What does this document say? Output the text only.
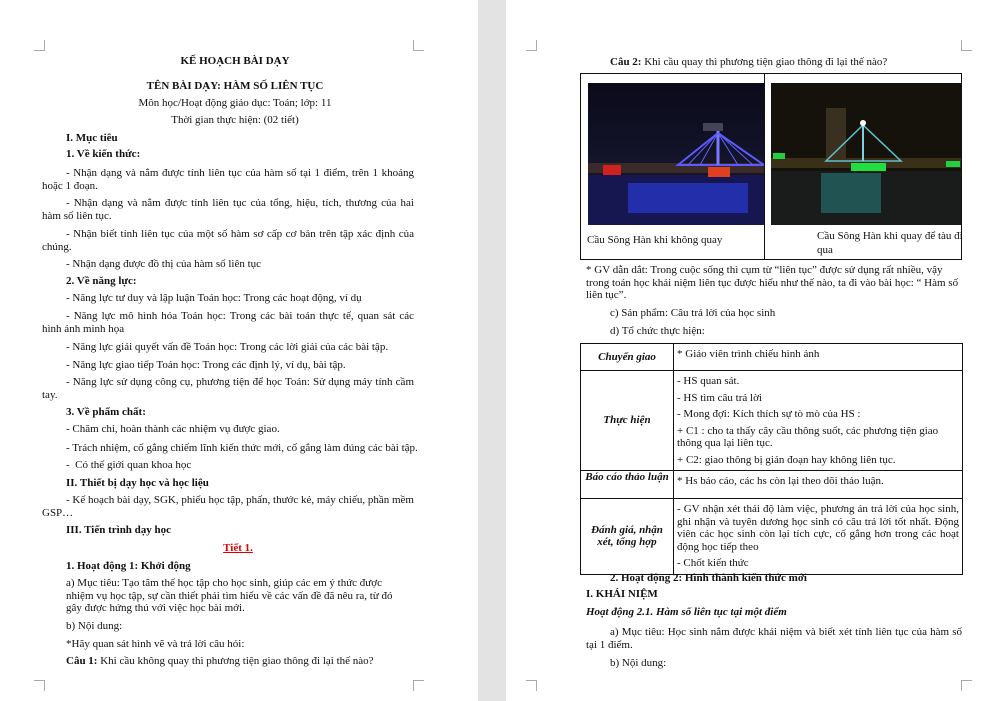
KẾ HOẠCH BÀI DẠY
TÊN BÀI DẠY: HÀM SỐ LIÊN TỤC
Môn học/Hoạt động giáo dục: Toán; lớp: 11
Thời gian thực hiện: (02 tiết)
I. Mục tiêu
1. Về kiến thức:
- Nhận dạng và nắm được tính liên tục của hàm số tại 1 điểm, trên 1 khoảng hoặc 1 đoạn.
- Nhận dạng và nắm được tính liên tục của tổng, hiệu, tích, thương của hai hàm số liên tục.
- Nhận biết tính liên tục của một số hàm sơ cấp cơ bản trên tập xác định của chúng.
- Nhận dạng được đồ thị của hàm số liên tục
2. Về năng lực:
- Năng lực tư duy và lập luận Toán học: Trong các hoạt động, ví dụ
- Năng lực mô hình hóa Toán học: Trong các bài toán thực tế, quan sát các hình ảnh minh họa
- Năng lực giải quyết vấn đề Toán học: Trong các lời giải của các bài tập.
- Năng lực giao tiếp Toán học: Trong các định lý, ví dụ, bài tập.
- Năng lực sử dụng công cụ, phương tiện để học Toán: Sử dụng máy tính cầm tay.
3. Về phẩm chất:
- Chăm chỉ, hoàn thành các nhiệm vụ được giao.
- Trách nhiệm, cố gắng chiếm lĩnh kiến thức mới, cố gắng làm đúng các bài tập.
-  Có thế giới quan khoa học
II. Thiết bị dạy học và học liệu
- Kế hoạch bài dạy, SGK, phiếu học tập, phấn, thước kẻ, máy chiếu, phần mềm GSP…
III. Tiến trình dạy học
Tiết 1.
1. Hoạt động 1: Khởi động
a) Mục tiêu: Tạo tâm thế học tập cho học sinh, giúp các em ý thức được nhiệm vụ học tập, sự cần thiết phải tìm hiểu về các vấn đề đã nêu ra, từ đó gây được hứng thú với việc học bài mới.
b) Nội dung:
*Hãy quan sát hình vẽ và trả lời câu hỏi:
Câu 1: Khi cầu không quay thì phương tiện giao thông đi lại thế nào?
Câu 2: Khi cầu quay thì phương tiện giao thông đi lại thế nào?
Cầu Sông Hàn khi không quay	Cầu Sông Hàn khi quay để tàu đi qua
* GV dẫn dắt: Trong cuộc sống thì cụm từ “liên tục” được sử dụng rất nhiều, vậy trong toán học khái niệm liên tục được hiểu như thế nào, ta đi vào bài học: “ Hàm số liên tục”.
c) Sản phẩm: Câu trả lời của học sinh
d) Tổ chức thực hiện:
Chuyển giao	* Giáo viên trình chiếu hình ảnh

Thực hiện	- HS quan sát.

- HS tìm câu trả lời

- Mong đợi: Kích thích sự tò mò của HS :

+ C1 : cho ta thấy cây cầu thông suốt, các phương tiện giao thông qua lại liên tục.

+ C2: giao thông bị gián đoạn hay không liên tục.

Báo cáo thảo luận	* Hs báo cáo, các hs còn lại theo dõi thảo luận.

Đánh giá, nhận xét, tổng hợp	- GV nhận xét thái độ làm việc, phương án trả lời của học sinh, ghi nhận và tuyên dương học sinh có câu trả lời tốt nhất. Động viên các học sinh còn lại tích cực, cố gắng hơn trong các hoạt động học tiếp theo

- Chốt kiến thức

2. Hoạt động 2: Hình thành kiến thức mới
I. KHÁI NIỆM
Hoạt động 2.1. Hàm số liên tục tại một điểm
a) Mục tiêu: Học sinh nắm được khái niệm và biết xét tính liên tục của hàm số tại 1 điểm.
b) Nội dung:
